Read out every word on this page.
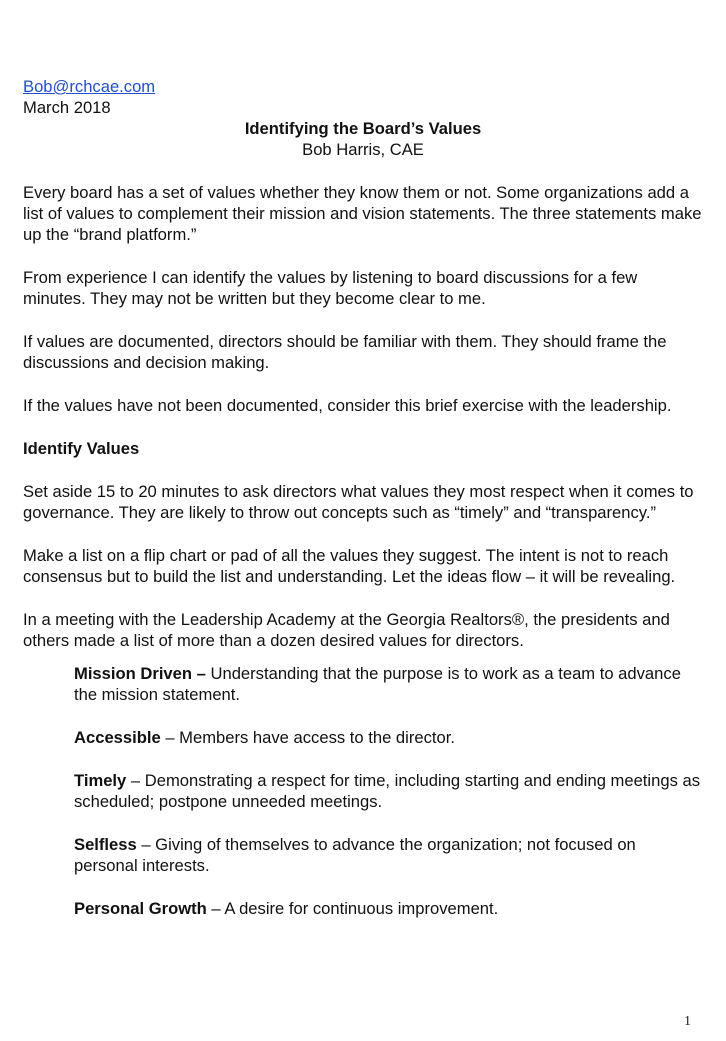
Bob@rchcae.com
March 2018
Identifying the Board’s Values
Bob Harris, CAE

Every board has a set of values whether they know them or not. Some organizations add a list of values to complement their mission and vision statements. The three statements make up the “brand platform.”

From experience I can identify the values by listening to board discussions for a few minutes. They may not be written but they become clear to me.

If values are documented, directors should be familiar with them. They should frame the discussions and decision making.

If the values have not been documented, consider this brief exercise with the leadership.

Identify Values

Set aside 15 to 20 minutes to ask directors what values they most respect when it comes to governance. They are likely to throw out concepts such as “timely” and “transparency.”

Make a list on a flip chart or pad of all the values they suggest. The intent is not to reach consensus but to build the list and understanding. Let the ideas flow – it will be revealing.

In a meeting with the Leadership Academy at the Georgia Realtors®, the presidents and others made a list of more than a dozen desired values for directors.

Mission Driven – Understanding that the purpose is to work as a team to advance the mission statement.
Accessible – Members have access to the director.
Timely – Demonstrating a respect for time, including starting and ending meetings as scheduled; postpone unneeded meetings.
Selfless – Giving of themselves to advance the organization; not focused on personal interests.
Personal Growth – A desire for continuous improvement.
1
